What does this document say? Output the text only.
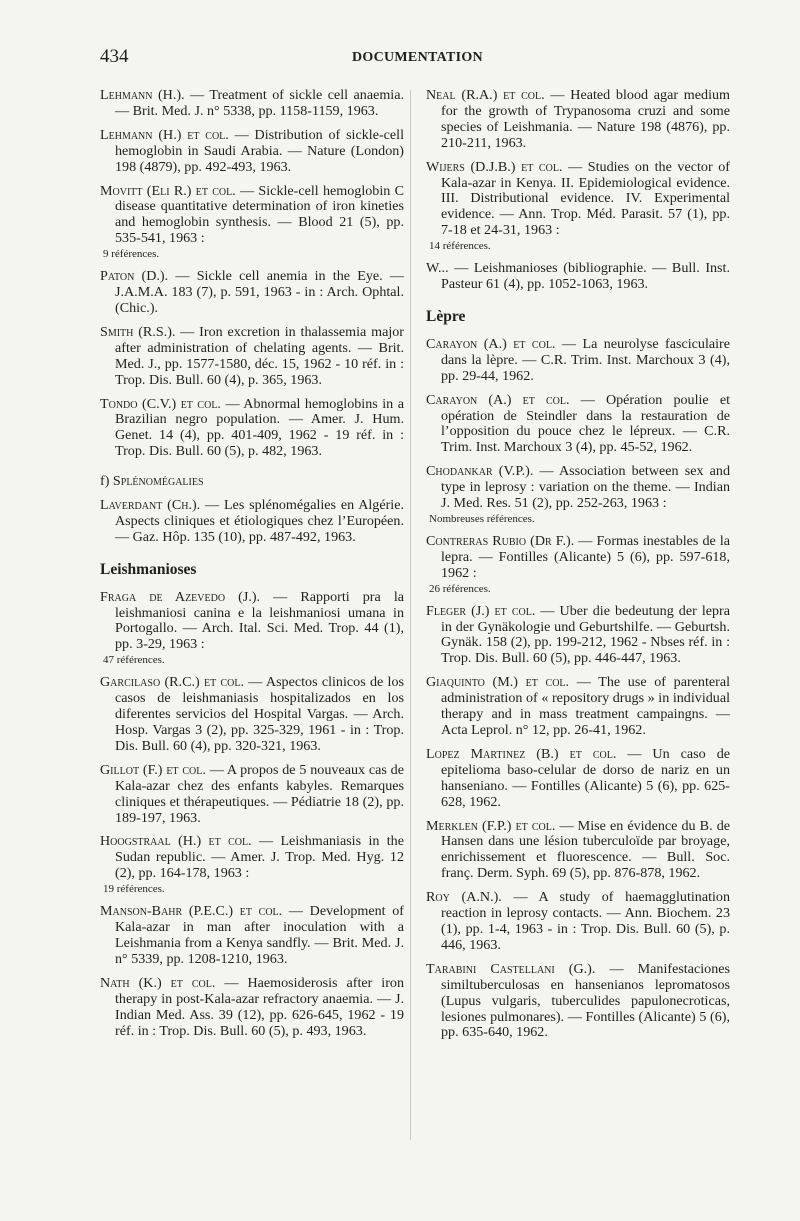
434	DOCUMENTATION

Lehmann (H.). — Treatment of sickle cell anaemia. — Brit. Med. J. n° 5338, pp. 1158-1159, 1963.

Lehmann (H.) et col. — Distribution of sickle-cell hemoglobin in Saudi Arabia. — Nature (London) 198 (4879), pp. 492-493, 1963.

Movitt (Eli R.) et col. — Sickle-cell hemoglobin C disease quantitative determination of iron kineties and hemoglobin synthesis. — Blood 21 (5), pp. 535-541, 1963 :
9 références.

Paton (D.). — Sickle cell anemia in the Eye. — J.A.M.A. 183 (7), p. 591, 1963 - in : Arch. Ophtal. (Chic.).

Smith (R.S.). — Iron excretion in thalassemia major after administration of chelating agents. — Brit. Med. J., pp. 1577-1580, déc. 15, 1962 - 10 réf. in : Trop. Dis. Bull. 60 (4), p. 365, 1963.

Tondo (C.V.) et col. — Abnormal hemoglobins in a Brazilian negro population. — Amer. J. Hum. Genet. 14 (4), pp. 401-409, 1962 - 19 réf. in : Trop. Dis. Bull. 60 (5), p. 482, 1963.

f) Splénomégalies

Laverdant (Ch.). — Les splénomégalies en Algérie. Aspects cliniques et étiologiques chez l’Européen. — Gaz. Hôp. 135 (10), pp. 487-492, 1963.

Leishmanioses

Fraga de Azevedo (J.). — Rapporti pra la leishmaniosi canina e la leishmaniosi umana in Portogallo. — Arch. Ital. Sci. Med. Trop. 44 (1), pp. 3-29, 1963 :
47 références.

Garcilaso (R.C.) et col. — Aspectos clinicos de los casos de leishmaniasis hospitalizados en los diferentes servicios del Hospital Vargas. — Arch. Hosp. Vargas 3 (2), pp. 325-329, 1961 - in : Trop. Dis. Bull. 60 (4), pp. 320-321, 1963.

Gillot (F.) et col. — A propos de 5 nouveaux cas de Kala-azar chez des enfants kabyles. Remarques cliniques et thérapeutiques. — Pédiatrie 18 (2), pp. 189-197, 1963.

Hoogstraal (H.) et col. — Leishmaniasis in the Sudan republic. — Amer. J. Trop. Med. Hyg. 12 (2), pp. 164-178, 1963 :
19 références.

Manson-Bahr (P.E.C.) et col. — Development of Kala-azar in man after inoculation with a Leishmania from a Kenya sandfly. — Brit. Med. J. n° 5339, pp. 1208-1210, 1963.

Nath (K.) et col. — Haemosiderosis after iron therapy in post-Kala-azar refractory anaemia. — J. Indian Med. Ass. 39 (12), pp. 626-645, 1962 - 19 réf. in : Trop. Dis. Bull. 60 (5), p. 493, 1963.

Neal (R.A.) et col. — Heated blood agar medium for the growth of Trypanosoma cruzi and some species of Leishmania. — Nature 198 (4876), pp. 210-211, 1963.

Wijers (D.J.B.) et col. — Studies on the vector of Kala-azar in Kenya. II. Epidemiological evidence. III. Distributional evidence. IV. Experimental evidence. — Ann. Trop. Méd. Parasit. 57 (1), pp. 7-18 et 24-31, 1963 :
14 références.

W... — Leishmanioses (bibliographie. — Bull. Inst. Pasteur 61 (4), pp. 1052-1063, 1963.

Lèpre

Carayon (A.) et col. — La neurolyse fasciculaire dans la lèpre. — C.R. Trim. Inst. Marchoux 3 (4), pp. 29-44, 1962.

Carayon (A.) et col. — Opération poulie et opération de Steindler dans la restauration de l’opposition du pouce chez le lépreux. — C.R. Trim. Inst. Marchoux 3 (4), pp. 45-52, 1962.

Chodankar (V.P.). — Association between sex and type in leprosy : variation on the theme. — Indian J. Med. Res. 51 (2), pp. 252-263, 1963 :
Nombreuses références.

Contreras Rubio (Dr F.). — Formas inestables de la lepra. — Fontilles (Alicante) 5 (6), pp. 597-618, 1962 :
26 références.

Fleger (J.) et col. — Uber die bedeutung der lepra in der Gynäkologie und Geburtshilfe. — Geburtsh. Gynäk. 158 (2), pp. 199-212, 1962 - Nbses réf. in : Trop. Dis. Bull. 60 (5), pp. 446-447, 1963.

Giaquinto (M.) et col. — The use of parenteral administration of « repository drugs » in individual therapy and in mass treatment campaingns. — Acta Leprol. n° 12, pp. 26-41, 1962.

Lopez Martinez (B.) et col. — Un caso de epitelioma baso-celular de dorso de nariz en un hanseniano. — Fontilles (Alicante) 5 (6), pp. 625-628, 1962.

Merklen (F.P.) et col. — Mise en évidence du B. de Hansen dans une lésion tuberculoïde par broyage, enrichissement et fluorescence. — Bull. Soc. franç. Derm. Syph. 69 (5), pp. 876-878, 1962.

Roy (A.N.). — A study of haemagglutination reaction in leprosy contacts. — Ann. Biochem. 23 (1), pp. 1-4, 1963 - in : Trop. Dis. Bull. 60 (5), p. 446, 1963.

Tarabini Castellani (G.). — Manifestaciones similtuberculosas en hansenianos lepromatosos (Lupus vulgaris, tuberculides papulonecroticas, lesiones pulmonares). — Fontilles (Alicante) 5 (6), pp. 635-640, 1962.
